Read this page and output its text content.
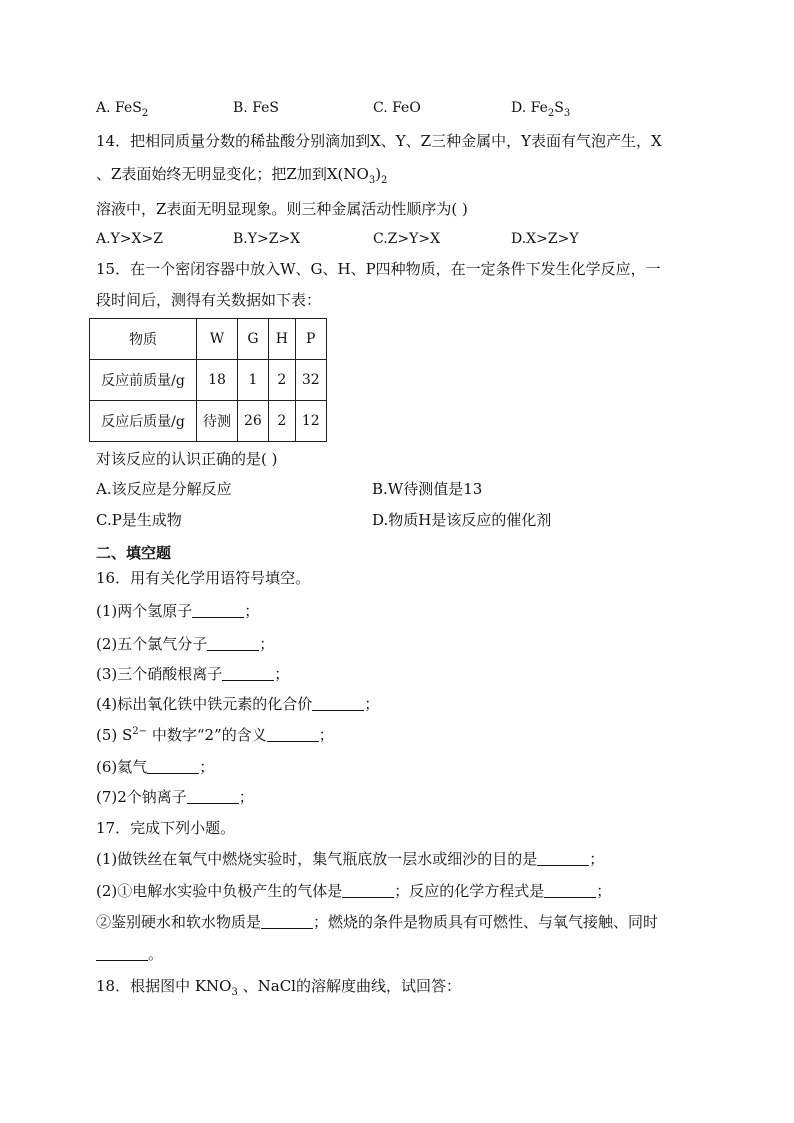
A. FeS$_2$	B. FeS	C. FeO	D. $Fe_2S_3$
14．把相同质量分数的稀盐酸分别滴加到X、Y、Z三种金属中，Y表面有气泡产生，X
、Z表面始终无明显变化；把Z加到$X(NO_3)_2$
溶液中，Z表面无明显现象。则三种金属活动性顺序为( )
A.Y>X>Z	B.Y>Z>X	C.Z>Y>X	D.X>Z>Y
15．在一个密闭容器中放入W、G、H、P四种物质，在一定条件下发生化学反应，一
段时间后，测得有关数据如下表：
物质	W	G	H	P
反应前质量/g	18	1	2	32
反应后质量/g	待测	26	2	12
对该反应的认识正确的是( )
A.该反应是分解反应	B.W待测值是13
C.P是生成物	D.物质H是该反应的催化剂
二、填空题
16．用有关化学用语符号填空。
(1)两个氢原子	；
(2)五个氯气分子	；
(3)三个硝酸根离子	；
(4)标出氧化铁中铁元素的化合价	；
(5) $S^{2-}$ 中数字“2”的含义	；
(6)氦气	；
(7)2个钠离子	；
17．完成下列小题。
(1)做铁丝在氧气中燃烧实验时，集气瓶底放一层水或细沙的目的是	；
(2)①电解水实验中负极产生的气体是	；反应的化学方程式是	；
②鉴别硬水和软水物质是	；燃烧的条件是物质具有可燃性、与氧气接触、同时
。
18．根据图中 $KNO_3$ 、NaCl的溶解度曲线，试回答：
